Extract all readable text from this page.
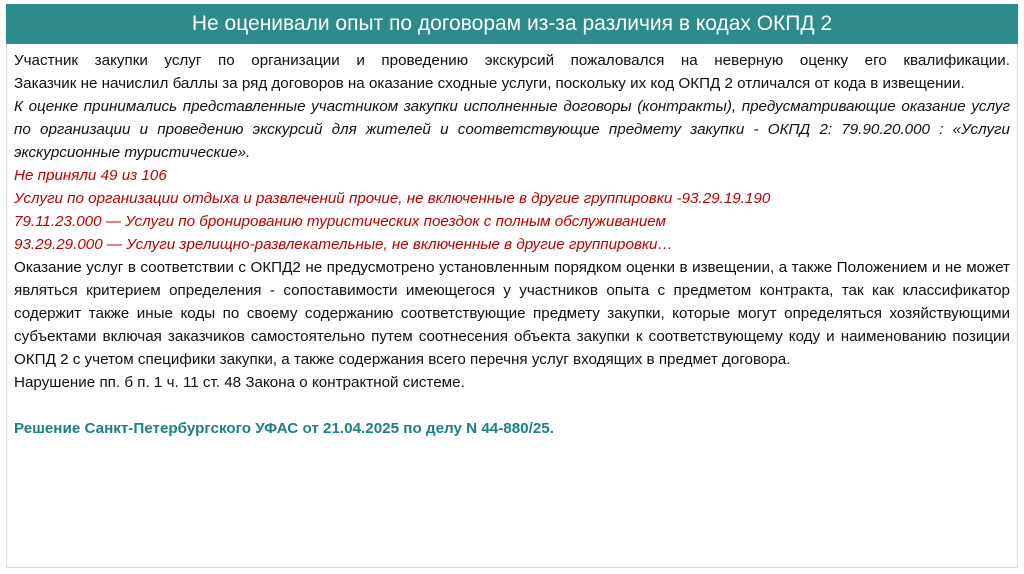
Не оценивали опыт по договорам из-за различия в кодах ОКПД 2

Участник закупки услуг по организации и проведению экскурсий пожаловался на неверную оценку его квалификации.

Заказчик не начислил баллы за ряд договоров на оказание сходные услуги, поскольку их код ОКПД 2 отличался от кода в извещении.

К оценке принимались представленные участником закупки исполненные договоры (контракты), предусматривающие оказание услуг по организации и проведению экскурсий для жителей и соответствующие предмету закупки - ОКПД 2: 79.90.20.000 : «Услуги экскурсионные туристические».

Не приняли 49 из 106

Услуги по организации отдыха и развлечений прочие, не включенные в другие группировки -93.29.19.190

79.11.23.000 — Услуги по бронированию туристических поездок с полным обслуживанием

93.29.29.000 — Услуги зрелищно-развлекательные, не включенные в другие группировки…

Оказание услуг в соответствии с ОКПД2 не предусмотрено установленным порядком оценки в извещении, а также Положением и не может являться критерием определения - сопоставимости имеющегося у участников опыта с предметом контракта, так как классификатор содержит также иные коды по своему содержанию соответствующие предмету закупки, которые могут определяться хозяйствующими субъектами включая заказчиков самостоятельно путем соотнесения объекта закупки к соответствующему коду и наименованию позиции ОКПД 2 с учетом специфики закупки, а также содержания всего перечня услуг входящих в предмет договора.

Нарушение пп. б п. 1 ч. 11 ст. 48 Закона о контрактной системе.

Решение Санкт-Петербургского УФАС от 21.04.2025 по делу N 44-880/25.
